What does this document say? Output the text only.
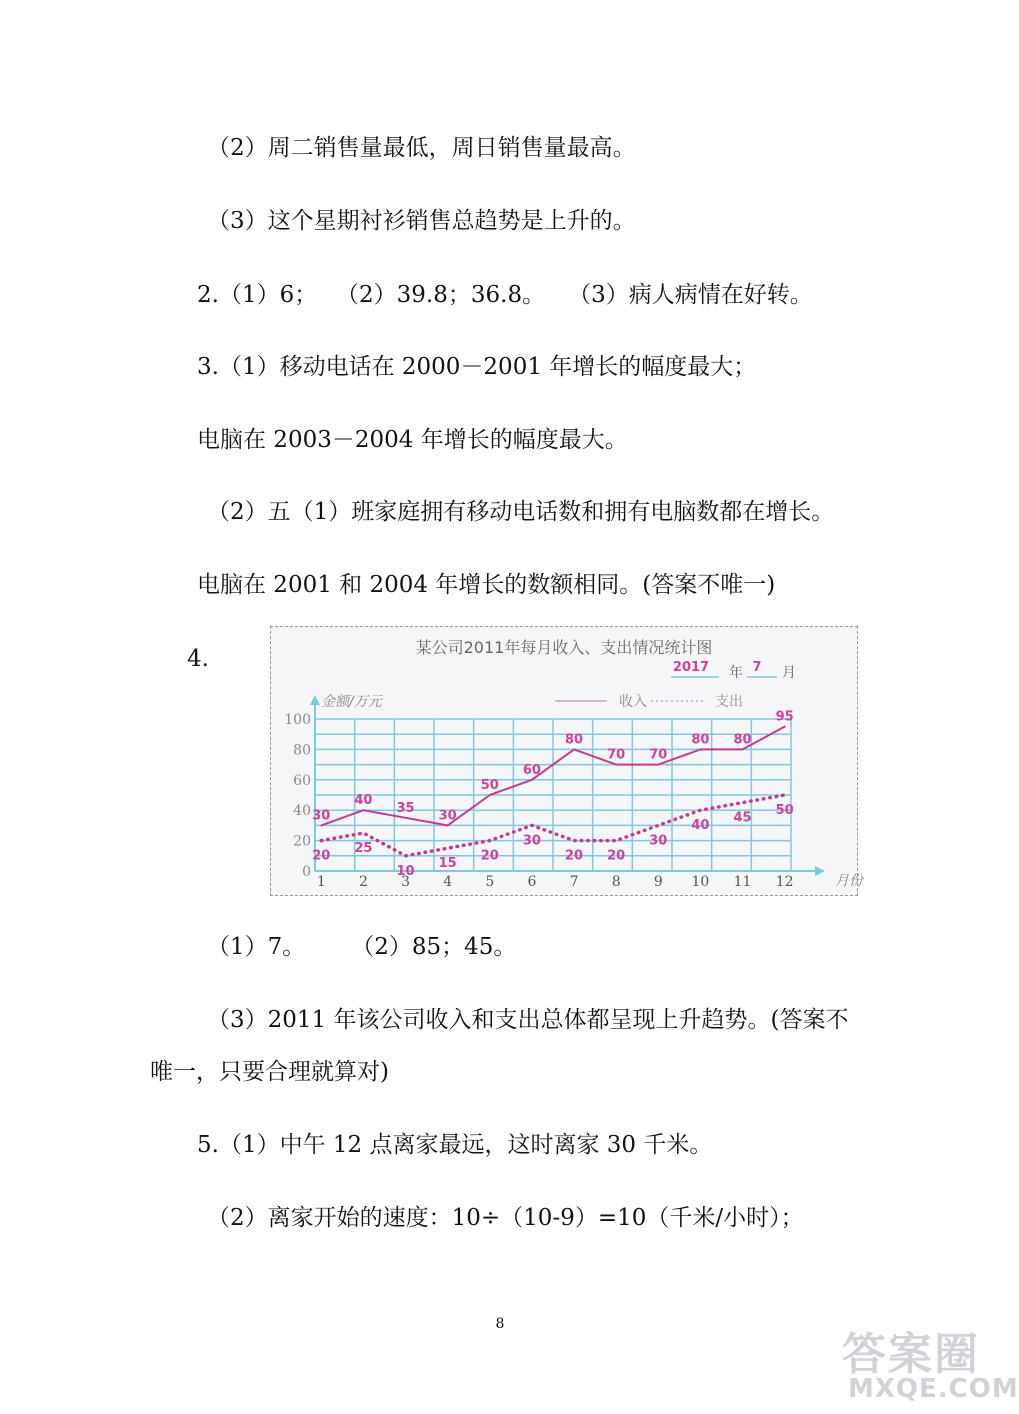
（2）周二销售量最低，周日销售量最高。
（3）这个星期衬衫销售总趋势是上升的。
2.（1）6；　 （2）39.8；36.8。　　（3）病人病情在好转。
3.（1）移动电话在 2000－2001 年增长的幅度最大；
电脑在 2003－2004 年增长的幅度最大。
（2）五（1）班家庭拥有移动电话数和拥有电脑数都在增长。
电脑在 2001 和 2004 年增长的数额相同。(答案不唯一)
（1）7。　　　（2）85；45。
（3）2011 年该公司收入和支出总体都呈现上升趋势。(答案不
唯一，只要合理就算对)
5.（1）中午 12 点离家最远，这时离家 30 千米。
（2）离家开始的速度：10÷（10-9）=10（千米/小时）；
4.
0
20
40
60
80
100
1 2 3 4 5 6 7 8 9 10 11 12
某公司2011年每月收入、支出情况统计图
2017 年 7 月
金额/万元
月份
收入	支出
30
40
35
30
50
60
80
70 70
80 80
95
20
25
10
15
20
30
20 20
30
40
45
50
8
答案圈
MXQE.COM
